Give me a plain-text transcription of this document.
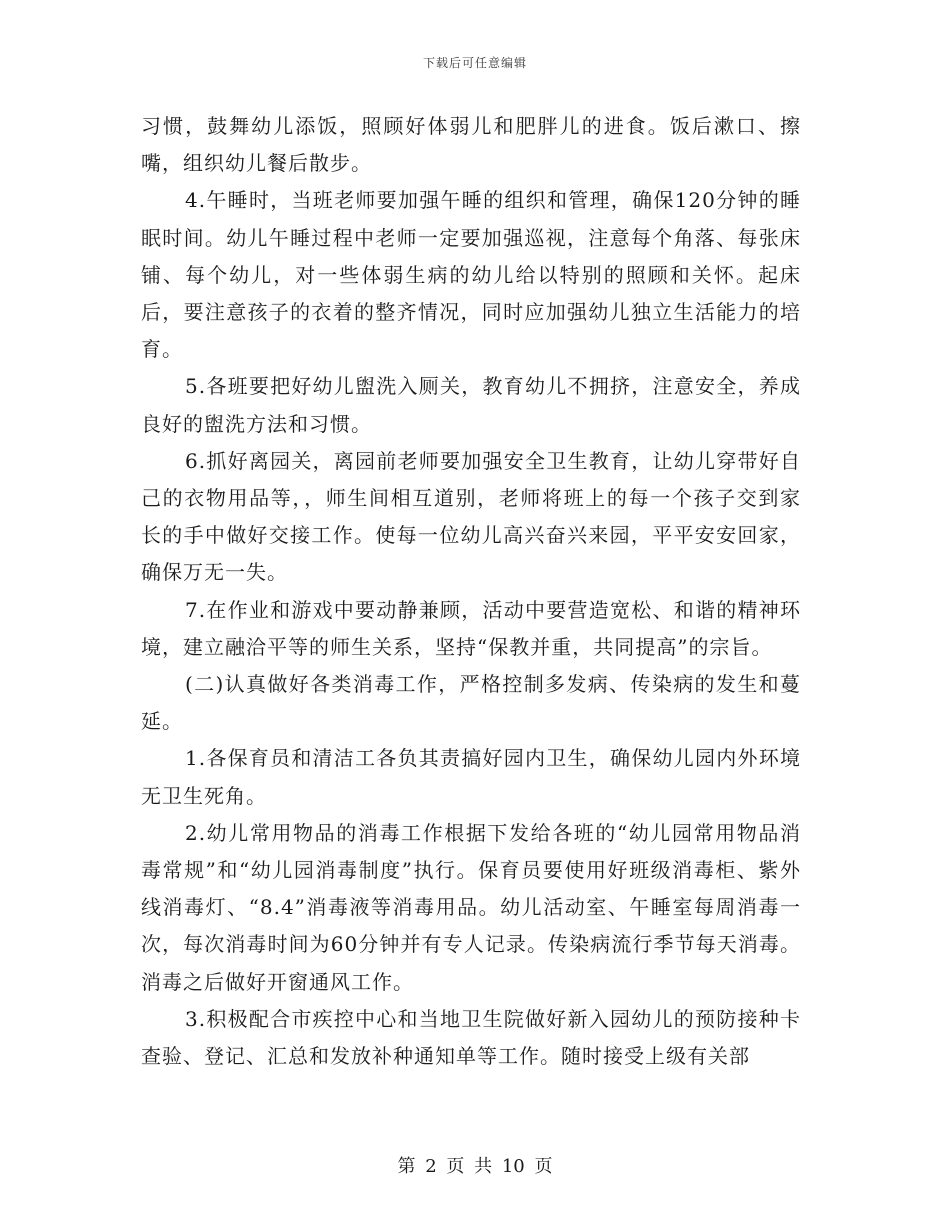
下载后可任意编辑

习惯，鼓舞幼儿添饭，照顾好体弱儿和肥胖儿的进食。饭后漱口、擦嘴，组织幼儿餐后散步。

4.午睡时，当班老师要加强午睡的组织和管理，确保120分钟的睡眠时间。幼儿午睡过程中老师一定要加强巡视，注意每个角落、每张床铺、每个幼儿，对一些体弱生病的幼儿给以特别的照顾和关怀。起床后，要注意孩子的衣着的整齐情况，同时应加强幼儿独立生活能力的培育。

5.各班要把好幼儿盥洗入厕关，教育幼儿不拥挤，注意安全，养成良好的盥洗方法和习惯。

6.抓好离园关，离园前老师要加强安全卫生教育，让幼儿穿带好自己的衣物用品等，，师生间相互道别，老师将班上的每一个孩子交到家长的手中做好交接工作。使每一位幼儿高兴奋兴来园，平平安安回家，确保万无一失。

7.在作业和游戏中要动静兼顾，活动中要营造宽松、和谐的精神环境，建立融洽平等的师生关系，坚持“保教并重，共同提高”的宗旨。

(二)认真做好各类消毒工作，严格控制多发病、传染病的发生和蔓延。

1.各保育员和清洁工各负其责搞好园内卫生，确保幼儿园内外环境无卫生死角。

2.幼儿常用物品的消毒工作根据下发给各班的“幼儿园常用物品消毒常规”和“幼儿园消毒制度”执行。保育员要使用好班级消毒柜、紫外线消毒灯、“8.4”消毒液等消毒用品。幼儿活动室、午睡室每周消毒一次，每次消毒时间为60分钟并有专人记录。传染病流行季节每天消毒。消毒之后做好开窗通风工作。

3.积极配合市疾控中心和当地卫生院做好新入园幼儿的预防接种卡查验、登记、汇总和发放补种通知单等工作。随时接受上级有关部

第 2 页 共 10 页
